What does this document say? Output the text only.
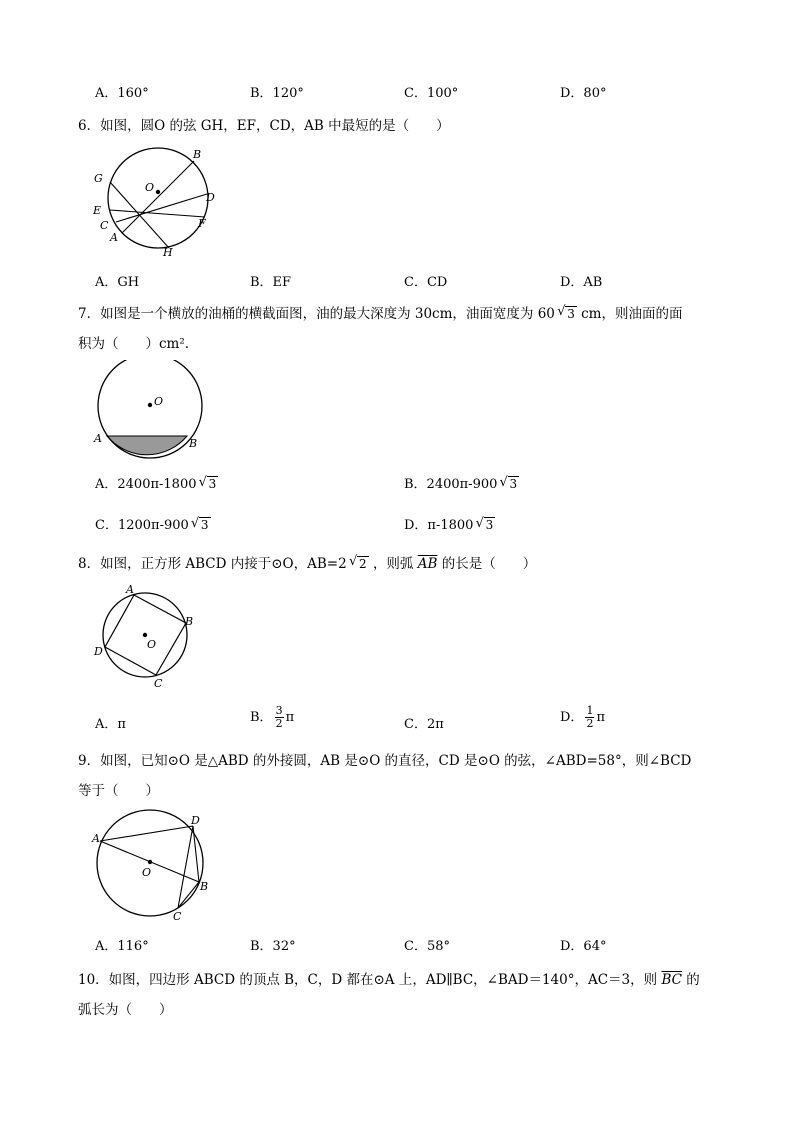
A．160°	B．120°	C．100°	D．80°
6．如图，圆O 的弦 GH，EF，CD，AB 中最短的是（　　）
B
G
O
D
E
F
C
A
H
A．GH	B．EF	C．CD	D．AB
7．如图是一个横放的油桶的横截面图，油的最大深度为 30cm，油面宽度为 60 √ 3 cm，则油面的面
积为（　　）cm².
O
A	B
A．2400π-1800 √ 3	B．2400π-900 √ 3
C．1200π-900 √ 3	D．π-1800 √ 3
8．如图，正方形 ABCD 内接于⊙O，AB=2 √ 2 ，则弧 $\overline{AB}$ 的长是（　　）
A
B
O
D
C
A．π	B． $\frac{3}{2}$ π	C．2π	D． $\frac{1}{2}$ π
9．如图，已知⊙O 是△ABD 的外接圆，AB 是⊙O 的直径，CD 是⊙O 的弦，∠ABD=58°，则∠BCD
等于（　　）
D
A
O
B
C
A．116°	B．32°	C．58°	D．64°
10．如图，四边形 ABCD 的顶点 B，C，D 都在⊙A 上，AD∥BC，∠BAD＝140°，AC＝3，则 $\overline{BC}$ 的
弧长为（　　）
